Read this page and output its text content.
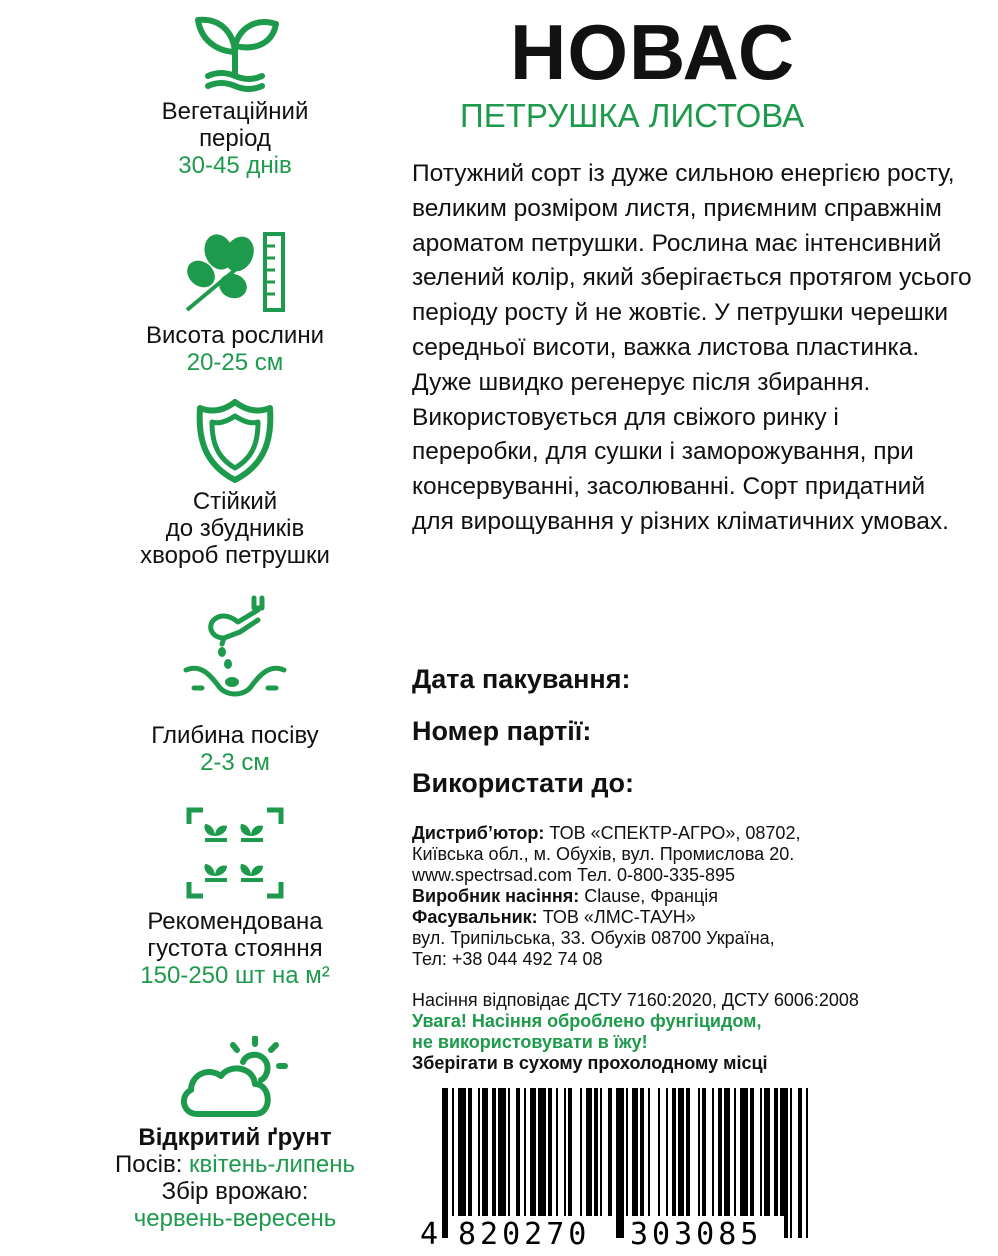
Вегетаційний
період
30-45 днів
Висота рослини
20-25 см
Стійкий
до збудників
хвороб петрушки
Глибина посіву
2-3 см
Рекомендована
густота стояння
150-250 шт на м²
Відкритий ґрунт
Посів: квітень-липень
Збір врожаю:
червень-вересень
НОВАС
ПЕТРУШКА ЛИСТОВА
Потужний сорт із дуже сильною енергією росту, великим розміром листя, приємним справжнім ароматом петрушки. Рослина має інтенсивний зелений колір, який зберігається протягом усього періоду росту й не жовтіє. У петрушки черешки середньої висоти, важка листова пластинка. Дуже швидко регенерує після збирання. Використовується для свіжого ринку і переробки, для сушки і заморожування, при консервуванні, засолюванні. Сорт придатний для вирощування у різних кліматичних умовах.
Дата пакування:
Номер партії:
Використати до:
Дистриб’ютор: ТОВ «СПЕКТР-АГРО», 08702,
Київська обл., м. Обухів, вул. Промислова 20.
www.spectrsad.com Тел. 0-800-335-895
Виробник насіння: Clause, Франція
Фасувальник: ТОВ «ЛМС-ТАУН»
вул. Трипільська, 33. Обухів 08700 Україна,
Тел: +38 044 492 74 08
Насіння відповідає ДСТУ 7160:2020, ДСТУ 6006:2008
Увага! Насіння оброблено фунгіцидом,
не використовувати в їжу!
Зберігати в сухому прохолодному місці
4 820270 303085
